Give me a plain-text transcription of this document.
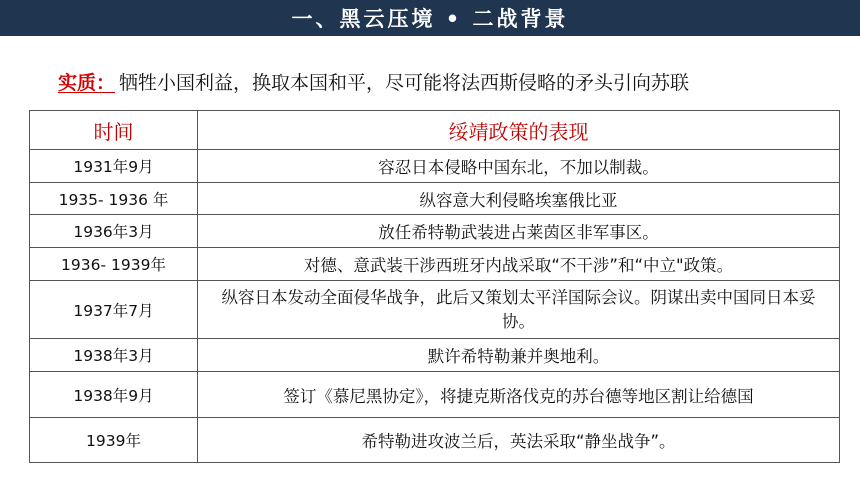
一、黑云压境 • 二战背景
实质： 牺牲小国利益，换取本国和平，尽可能将法西斯侵略的矛头引向苏联
时间	绥靖政策的表现
1931年9月	容忍日本侵略中国东北，不加以制裁。
1935- 1936 年	纵容意大利侵略埃塞俄比亚
1936年3月	放任希特勒武装进占莱茵区非军事区。
1936- 1939年	对德、意武装干涉西班牙内战采取“不干涉”和“中立"政策。
1937年7月	纵容日本发动全面侵华战争，此后又策划太平洋国际会议。阴谋出卖中国同日本妥协。
1938年3月	默许希特勒兼并奥地利。
1938年9月	签订《慕尼黑协定》，将捷克斯洛伐克的苏台德等地区割让给德国
1939年	希特勒进攻波兰后，英法采取“静坐战争”。
